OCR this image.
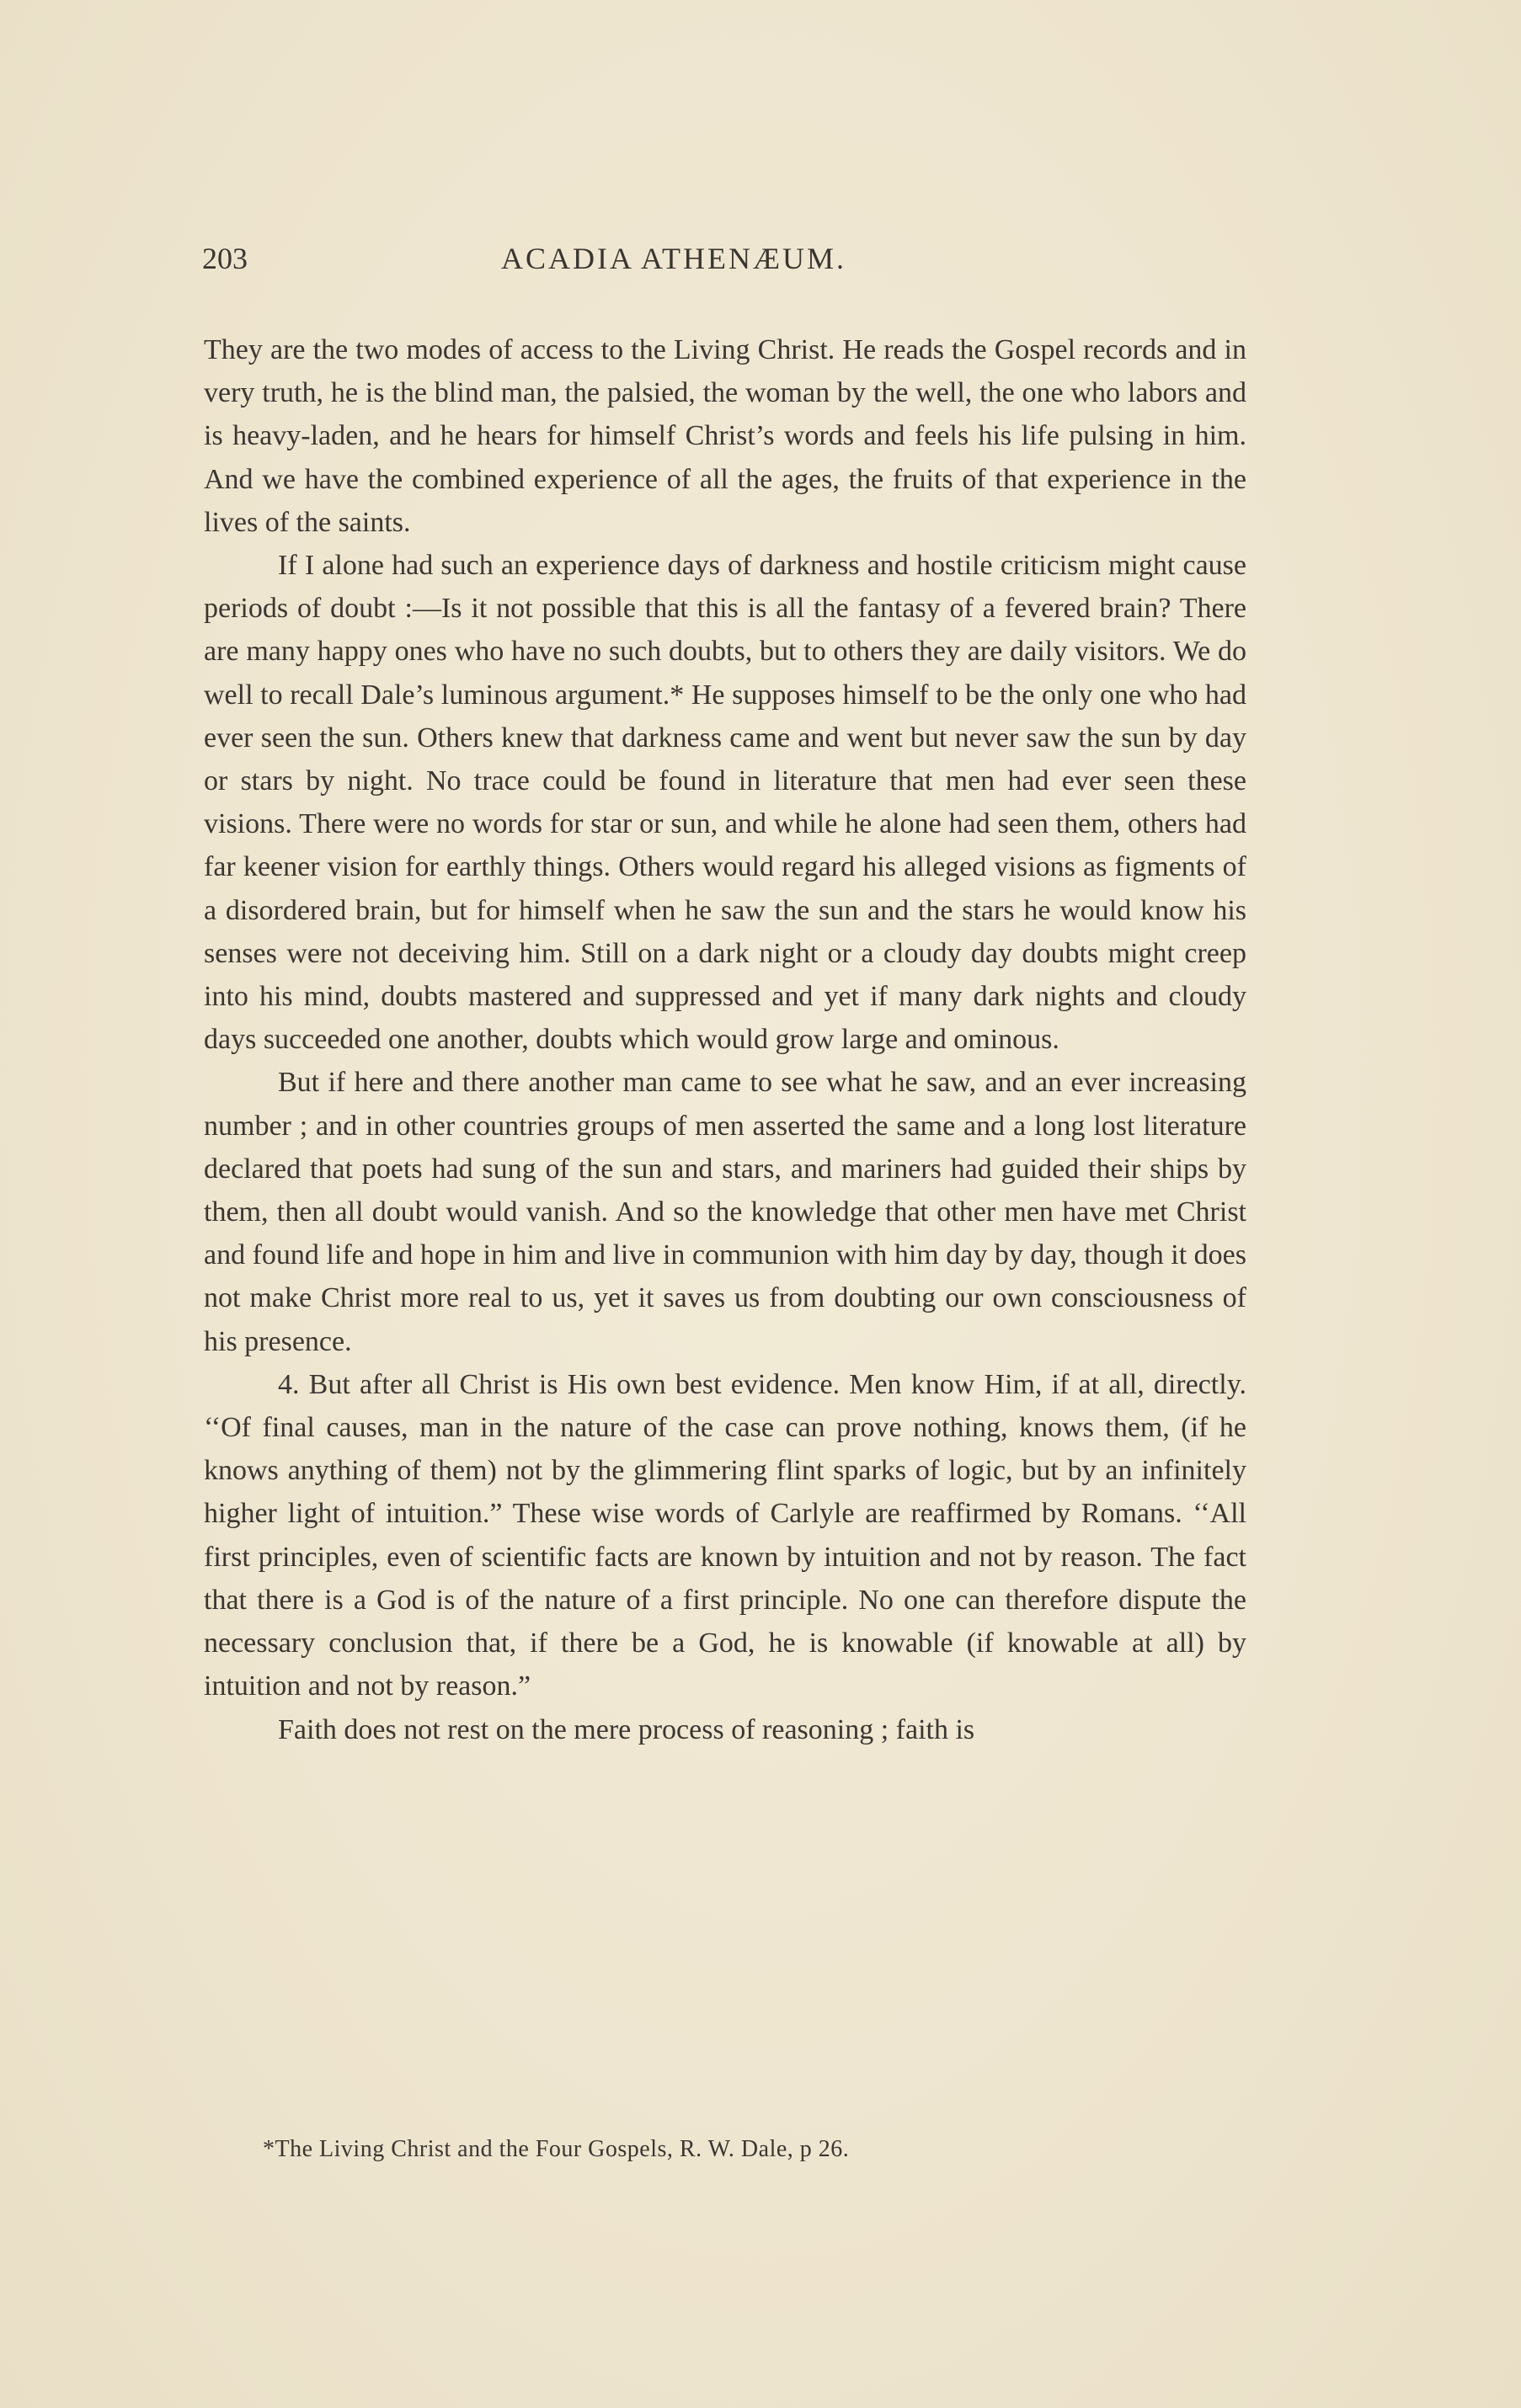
203	ACADIA ATHENÆUM.

They are the two modes of access to the Living Christ. He reads the Gospel records and in very truth, he is the blind man, the palsied, the woman by the well, the one who labors and is heavy-laden, and he hears for himself Christ’s words and feels his life pulsing in him. And we have the combined experience of all the ages, the fruits of that experience in the lives of the saints.

If I alone had such an experience days of darkness and hostile criticism might cause periods of doubt :—Is it not possible that this is all the fantasy of a fevered brain? There are many happy ones who have no such doubts, but to others they are daily visitors. We do well to recall Dale’s luminous argument.* He supposes himself to be the only one who had ever seen the sun. Others knew that darkness came and went but never saw the sun by day or stars by night. No trace could be found in literature that men had ever seen these visions. There were no words for star or sun, and while he alone had seen them, others had far keener vision for earthly things. Others would regard his alleged visions as figments of a disordered brain, but for himself when he saw the sun and the stars he would know his senses were not deceiving him. Still on a dark night or a cloudy day doubts might creep into his mind, doubts mastered and suppressed and yet if many dark nights and cloudy days succeeded one another, doubts which would grow large and ominous.

But if here and there another man came to see what he saw, and an ever increasing number ; and in other countries groups of men asserted the same and a long lost literature declared that poets had sung of the sun and stars, and mariners had guided their ships by them, then all doubt would vanish. And so the knowledge that other men have met Christ and found life and hope in him and live in communion with him day by day, though it does not make Christ more real to us, yet it saves us from doubting our own consciousness of his presence.

4. But after all Christ is His own best evidence. Men know Him, if at all, directly. ‘‘Of final causes, man in the nature of the case can prove nothing, knows them, (if he knows anything of them) not by the glimmering flint sparks of logic, but by an infinitely higher light of intuition.” These wise words of Carlyle are reaffirmed by Romans. ‘‘All first principles, even of scientific facts are known by intuition and not by reason. The fact that there is a God is of the nature of a first principle. No one can therefore dispute the necessary conclusion that, if there be a God, he is knowable (if knowable at all) by intuition and not by reason.”

Faith does not rest on the mere process of reasoning ; faith is

*The Living Christ and the Four Gospels, R. W. Dale, p 26.
